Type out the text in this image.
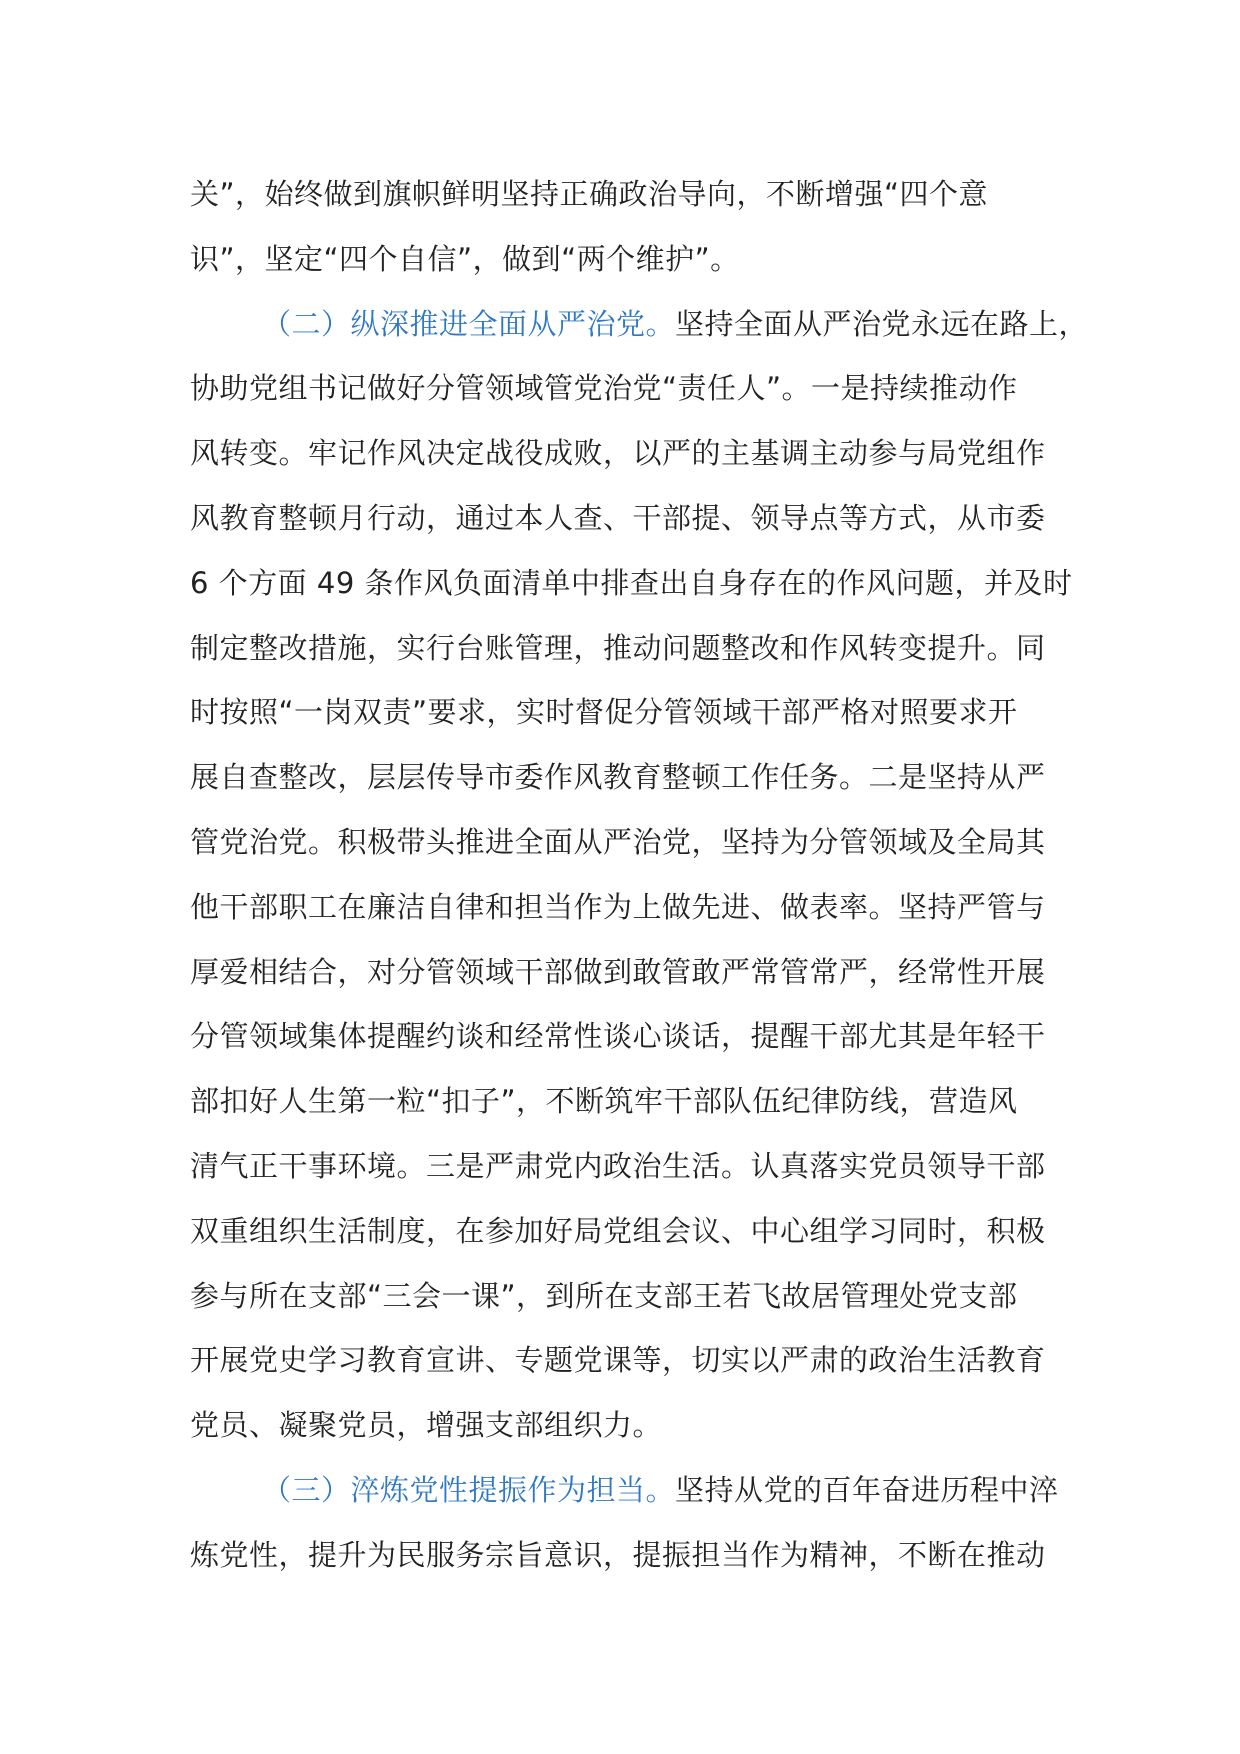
关”，始终做到旗帜鲜明坚持正确政治导向，不断增强“四个意
识”，坚定“四个自信”，做到“两个维护”。
（二）纵深推进全面从严治党。坚持全面从严治党永远在路上，
协助党组书记做好分管领域管党治党“责任人”。一是持续推动作
风转变。牢记作风决定战役成败，以严的主基调主动参与局党组作
风教育整顿月行动，通过本人查、干部提、领导点等方式，从市委
6 个方面 49 条作风负面清单中排查出自身存在的作风问题，并及时
制定整改措施，实行台账管理，推动问题整改和作风转变提升。同
时按照“一岗双责”要求，实时督促分管领域干部严格对照要求开
展自查整改，层层传导市委作风教育整顿工作任务。二是坚持从严
管党治党。积极带头推进全面从严治党，坚持为分管领域及全局其
他干部职工在廉洁自律和担当作为上做先进、做表率。坚持严管与
厚爱相结合，对分管领域干部做到敢管敢严常管常严，经常性开展
分管领域集体提醒约谈和经常性谈心谈话，提醒干部尤其是年轻干
部扣好人生第一粒“扣子”，不断筑牢干部队伍纪律防线，营造风
清气正干事环境。三是严肃党内政治生活。认真落实党员领导干部
双重组织生活制度，在参加好局党组会议、中心组学习同时，积极
参与所在支部“三会一课”，到所在支部王若飞故居管理处党支部
开展党史学习教育宣讲、专题党课等，切实以严肃的政治生活教育
党员、凝聚党员，增强支部组织力。
（三）淬炼党性提振作为担当。坚持从党的百年奋进历程中淬
炼党性，提升为民服务宗旨意识，提振担当作为精神，不断在推动
